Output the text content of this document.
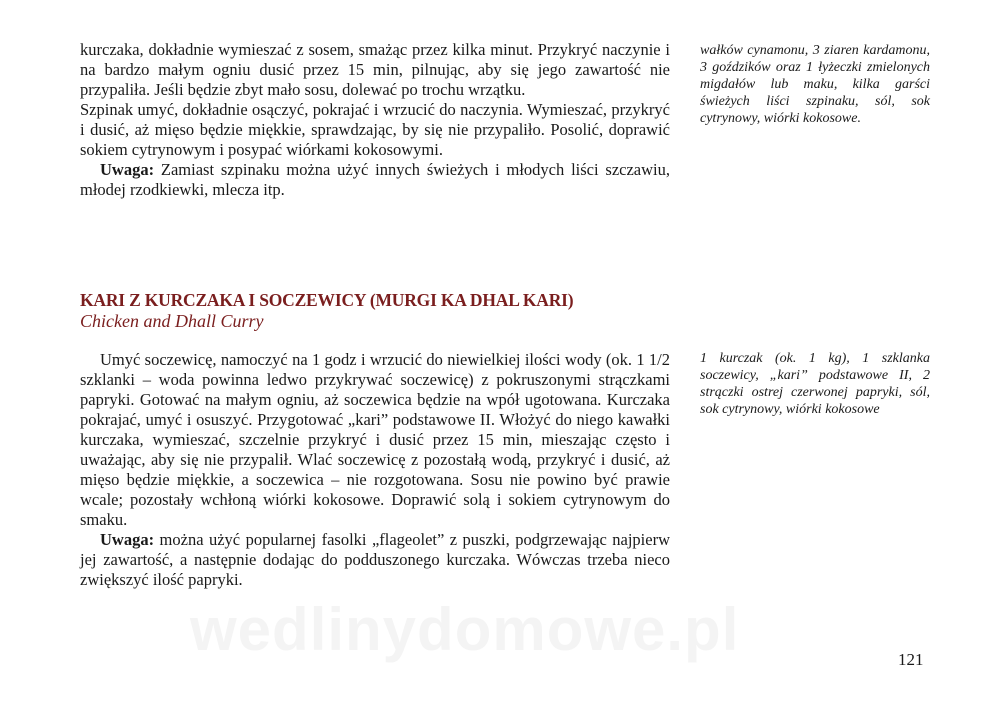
kurczaka, dokładnie wymieszać z sosem, smażąc przez kilka minut. Przykryć naczynie i na bardzo małym ogniu dusić przez 15 min, pilnując, aby się jego zawartość nie przypaliła. Jeśli będzie zbyt mało sosu, dolewać po trochu wrzątku.

Szpinak umyć, dokładnie osączyć, pokrajać i wrzucić do naczynia. Wymieszać, przykryć i dusić, aż mięso będzie miękkie, sprawdzając, by się nie przypaliło. Posolić, doprawić sokiem cytrynowym i posypać wiórkami kokosowymi.

Uwaga: Zamiast szpinaku można użyć innych świeżych i młodych liści szczawiu, młodej rzodkiewki, mlecza itp.

wałków cynamonu, 3 ziaren kardamonu, 3 goździków oraz 1 łyżeczki zmielonych migdałów lub maku, kilka garści świeżych liści szpinaku, sól, sok cytrynowy, wiórki kokosowe.
KARI Z KURCZAKA I SOCZEWICY (MURGI KA DHAL KARI)
Chicken and Dhall Curry

Umyć soczewicę, namoczyć na 1 godz i wrzucić do niewielkiej ilości wody (ok. 1 1/2 szklanki – woda powinna ledwo przykrywać soczewicę) z pokruszonymi strączkami papryki. Gotować na małym ogniu, aż soczewica będzie na wpół ugotowana. Kurczaka pokrajać, umyć i osuszyć. Przygotować „kari” podstawowe II. Włożyć do niego kawałki kurczaka, wymieszać, szczelnie przykryć i dusić przez 15 min, mieszając często i uważając, aby się nie przypalił. Wlać soczewicę z pozostałą wodą, przykryć i dusić, aż mięso będzie miękkie, a soczewica – nie rozgotowana. Sosu nie powino być prawie wcale; pozostały wchłoną wiórki kokosowe. Doprawić solą i sokiem cytrynowym do smaku.

Uwaga: można użyć popularnej fasolki „flageolet” z puszki, podgrzewając najpierw jej zawartość, a następnie dodając do podduszonego kurczaka. Wówczas trzeba nieco zwiększyć ilość papryki.

1 kurczak (ok. 1 kg), 1 szklanka soczewicy, „kari” podstawowe II, 2 strączki ostrej czerwonej papryki, sól, sok cytrynowy, wiórki kokosowe
wedlinydomowe.pl	121
